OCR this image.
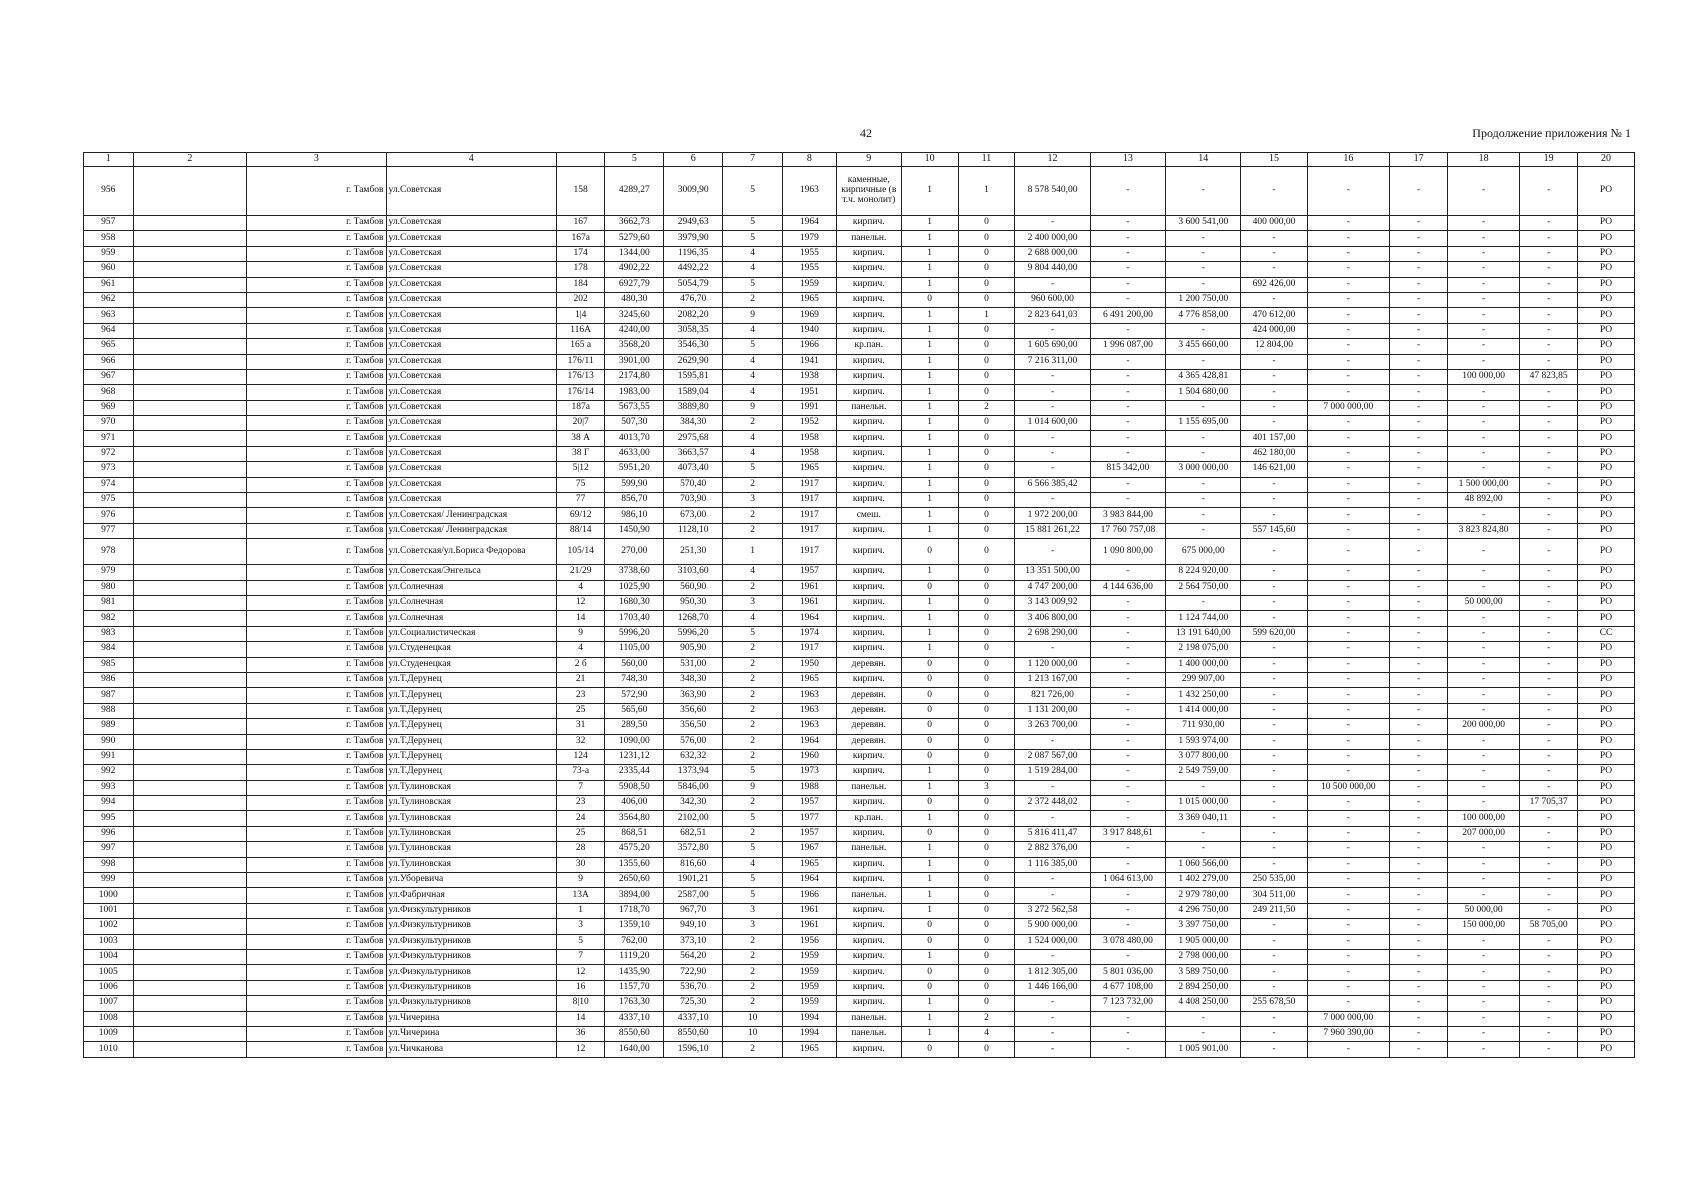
42	Продолжение приложения № 1
1	2	3	4		5	6	7	8	9	10	11	12	13	14	15	16	17	18	19	20
956		г. Тамбов	ул.Советская	158	4289,27	3009,90	5	1963	каменные, кирпичные (в т.ч. монолит)	1	1	8 578 540,00	-	-	-	-	-	-	-	РО
957		г. Тамбов	ул.Советская	167	3662,73	2949,63	5	1964	кирпич.	1	0	-	-	3 600 541,00	400 000,00	-	-	-	-	РО
958		г. Тамбов	ул.Советская	167а	5279,60	3979,90	5	1979	панельн.	1	0	2 400 000,00	-	-	-	-	-	-	-	РО
959		г. Тамбов	ул.Советская	174	1344,00	1196,35	4	1955	кирпич.	1	0	2 688 000,00	-	-	-	-	-	-	-	РО
960		г. Тамбов	ул.Советская	178	4902,22	4492,22	4	1955	кирпич.	1	0	9 804 440,00	-	-	-	-	-	-	-	РО
961		г. Тамбов	ул.Советская	184	6927,79	5054,79	5	1959	кирпич.	1	0	-	-	-	692 426,00	-	-	-	-	РО
962		г. Тамбов	ул.Советская	202	480,30	476,70	2	1965	кирпич.	0	0	960 600,00	-	1 200 750,00	-	-	-	-	-	РО
963		г. Тамбов	ул.Советская	1|4	3245,60	2082,20	9	1969	кирпич.	1	1	2 823 641,03	6 491 200,00	4 776 858,00	470 612,00	-	-	-	-	РО
964		г. Тамбов	ул.Советская	116А	4240,00	3058,35	4	1940	кирпич.	1	0	-	-	-	424 000,00	-	-	-	-	РО
965		г. Тамбов	ул.Советская	165 а	3568,20	3546,30	5	1966	кр.пан.	1	0	1 605 690,00	1 996 087,00	3 455 660,00	12 804,00	-	-	-	-	РО
966		г. Тамбов	ул.Советская	176/11	3901,00	2629,90	4	1941	кирпич.	1	0	7 216 311,00	-	-	-	-	-	-	-	РО
967		г. Тамбов	ул.Советская	176/13	2174,80	1595,81	4	1938	кирпич.	1	0	-	-	4 365 428,81	-	-	-	100 000,00	47 823,85	РО
968		г. Тамбов	ул.Советская	176/14	1983,00	1589,04	4	1951	кирпич.	1	0	-	-	1 504 680,00	-	-	-	-	-	РО
969		г. Тамбов	ул.Советская	187а	5673,55	3889,80	9	1991	панельн.	1	2	-	-	-	-	7 000 000,00	-	-	-	РО
970		г. Тамбов	ул.Советская	20|7	507,30	384,30	2	1952	кирпич.	1	0	1 014 600,00	-	1 155 695,00	-	-	-	-	-	РО
971		г. Тамбов	ул.Советская	38 А	4013,70	2975,68	4	1958	кирпич.	1	0	-	-	-	401 157,00	-	-	-	-	РО
972		г. Тамбов	ул.Советская	38 Г	4633,00	3663,57	4	1958	кирпич.	1	0	-	-	-	462 180,00	-	-	-	-	РО
973		г. Тамбов	ул.Советская	5|12	5951,20	4073,40	5	1965	кирпич.	1	0	-	815 342,00	3 000 000,00	146 621,00	-	-	-	-	РО
974		г. Тамбов	ул.Советская	75	599,90	570,40	2	1917	кирпич.	1	0	6 566 385,42	-	-	-	-	-	1 500 000,00	-	РО
975		г. Тамбов	ул.Советская	77	856,70	703,90	3	1917	кирпич.	1	0	-	-	-	-	-	-	48 892,00	-	РО
976		г. Тамбов	ул.Советская/ Ленинградская	69/12	986,10	673,00	2	1917	смеш.	1	0	1 972 200,00	3 983 844,00	-	-	-	-	-	-	РО
977		г. Тамбов	ул.Советская/ Ленинградская	88/14	1450,90	1128,10	2	1917	кирпич.	1	0	15 881 261,22	17 760 757,08	-	557 145,60	-	-	3 823 824,80	-	РО
978		г. Тамбов	ул.Советская/ул.Бориса Федорова	105/14	270,00	251,30	1	1917	кирпич.	0	0	-	1 090 800,00	675 000,00	-	-	-	-	-	РО
979		г. Тамбов	ул.Советская/Энгельса	21/29	3738,60	3103,60	4	1957	кирпич.	1	0	13 351 500,00	-	8 224 920,00	-	-	-	-	-	РО
980		г. Тамбов	ул.Солнечная	4	1025,90	560,90	2	1961	кирпич.	0	0	4 747 200,00	4 144 636,00	2 564 750,00	-	-	-	-	-	РО
981		г. Тамбов	ул.Солнечная	12	1680,30	950,30	3	1961	кирпич.	1	0	3 143 009,92	-	-	-	-	-	50 000,00	-	РО
982		г. Тамбов	ул.Солнечная	14	1703,40	1268,70	4	1964	кирпич.	1	0	3 406 800,00	-	1 124 744,00	-	-	-	-	-	РО
983		г. Тамбов	ул.Социалистическая	9	5996,20	5996,20	5	1974	кирпич.	1	0	2 698 290,00	-	13 191 640,00	599 620,00	-	-	-	-	СС
984		г. Тамбов	ул.Студенецкая	4	1105,00	905,90	2	1917	кирпич.	1	0	-	-	2 198 075,00	-	-	-	-	-	РО
985		г. Тамбов	ул.Студенецкая	2 б	560,00	531,00	2	1950	деревян.	0	0	1 120 000,00	-	1 400 000,00	-	-	-	-	-	РО
986		г. Тамбов	ул.Т.Дерунец	21	748,30	348,30	2	1965	кирпич.	0	0	1 213 167,00	-	299 907,00	-	-	-	-	-	РО
987		г. Тамбов	ул.Т.Дерунец	23	572,90	363,90	2	1963	деревян.	0	0	821 726,00	-	1 432 250,00	-	-	-	-	-	РО
988		г. Тамбов	ул.Т.Дерунец	25	565,60	356,60	2	1963	деревян.	0	0	1 131 200,00	-	1 414 000,00	-	-	-	-	-	РО
989		г. Тамбов	ул.Т.Дерунец	31	289,50	356,50	2	1963	деревян.	0	0	3 263 700,00	-	711 930,00	-	-	-	200 000,00	-	РО
990		г. Тамбов	ул.Т.Дерунец	32	1090,00	576,00	2	1964	деревян.	0	0	-	-	1 593 974,00	-	-	-	-	-	РО
991		г. Тамбов	ул.Т.Дерунец	124	1231,12	632,32	2	1960	кирпич.	0	0	2 087 567,00	-	3 077 800,00	-	-	-	-	-	РО
992		г. Тамбов	ул.Т.Дерунец	73-а	2335,44	1373,94	5	1973	кирпич.	1	0	1 519 284,00	-	2 549 759,00	-	-	-	-	-	РО
993		г. Тамбов	ул.Тулиновская	7	5908,50	5846,00	9	1988	панельн.	1	3	-	-	-	-	10 500 000,00	-	-	-	РО
994		г. Тамбов	ул.Тулиновская	23	406,00	342,30	2	1957	кирпич.	0	0	2 372 448,02	-	1 015 000,00	-	-	-	-	17 705,37	РО
995		г. Тамбов	ул.Тулиновская	24	3564,80	2102,00	5	1977	кр.пан.	1	0	-	-	3 369 040,11	-	-	-	100 000,00	-	РО
996		г. Тамбов	ул.Тулиновская	25	868,51	682,51	2	1957	кирпич.	0	0	5 816 411,47	3 917 848,61	-	-	-	-	207 000,00	-	РО
997		г. Тамбов	ул.Тулиновская	28	4575,20	3572,80	5	1967	панельн.	1	0	2 882 376,00	-	-	-	-	-	-	-	РО
998		г. Тамбов	ул.Тулиновская	30	1355,60	816,60	4	1965	кирпич.	1	0	1 116 385,00	-	1 060 566,00	-	-	-	-	-	РО
999		г. Тамбов	ул.Уборевича	9	2650,60	1901,21	5	1964	кирпич.	1	0	-	1 064 613,00	1 402 279,00	250 535,00	-	-	-	-	РО
1000		г. Тамбов	ул.Фабричная	13А	3894,00	2587,00	5	1966	панельн.	1	0	-	-	2 979 780,00	304 511,00	-	-	-	-	РО
1001		г. Тамбов	ул.Физкультурников	1	1718,70	967,70	3	1961	кирпич.	1	0	3 272 562,58	-	4 296 750,00	249 211,50	-	-	50 000,00	-	РО
1002		г. Тамбов	ул.Физкультурников	3	1359,10	949,10	3	1961	кирпич.	0	0	5 900 000,00	-	3 397 750,00	-	-	-	150 000,00	58 705,00	РО
1003		г. Тамбов	ул.Физкультурников	5	762,00	373,10	2	1956	кирпич.	0	0	1 524 000,00	3 078 480,00	1 905 000,00	-	-	-	-	-	РО
1004		г. Тамбов	ул.Физкультурников	7	1119,20	564,20	2	1959	кирпич.	1	0	-	-	2 798 000,00	-	-	-	-	-	РО
1005		г. Тамбов	ул.Физкультурников	12	1435,90	722,90	2	1959	кирпич.	0	0	1 812 305,00	5 801 036,00	3 589 750,00	-	-	-	-	-	РО
1006		г. Тамбов	ул.Физкультурников	16	1157,70	536,70	2	1959	кирпич.	0	0	1 446 166,00	4 677 108,00	2 894 250,00	-	-	-	-	-	РО
1007		г. Тамбов	ул.Физкультурников	8|10	1763,30	725,30	2	1959	кирпич.	1	0	-	7 123 732,00	4 408 250,00	255 678,50	-	-	-	-	РО
1008		г. Тамбов	ул.Чичерина	14	4337,10	4337,10	10	1994	панельн.	1	2	-	-	-	-	7 000 000,00	-	-	-	РО
1009		г. Тамбов	ул.Чичерина	36	8550,60	8550,60	10	1994	панельн.	1	4	-	-	-	-	7 960 390,00	-	-	-	РО
1010		г. Тамбов	ул.Чичканова	12	1640,00	1596,10	2	1965	кирпич.	0	0	-	-	1 005 901,00	-	-	-	-	-	РО
